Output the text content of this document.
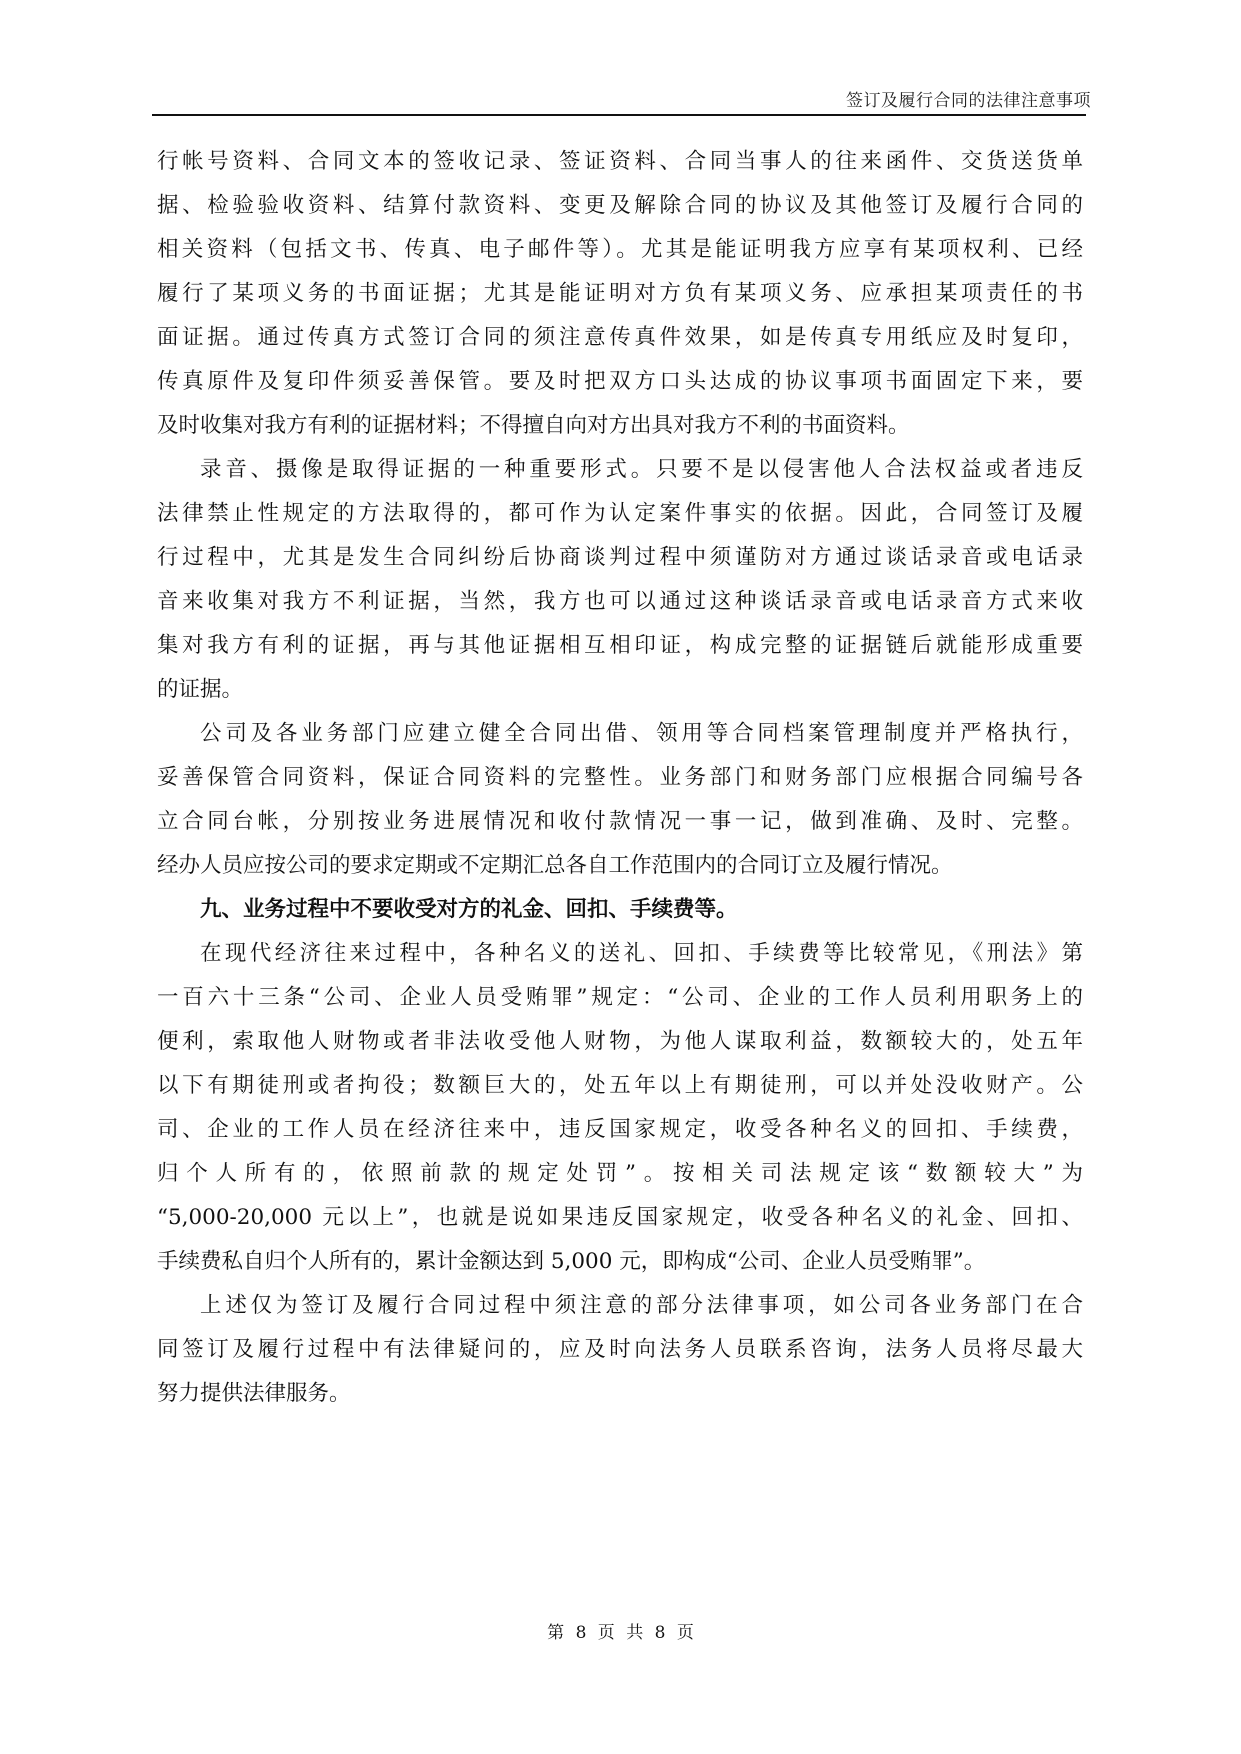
签订及履行合同的法律注意事项
行帐号资料、合同文本的签收记录、签证资料、合同当事人的往来函件、交货送货单
据、检验验收资料、结算付款资料、变更及解除合同的协议及其他签订及履行合同的
相关资料（包括文书、传真、电子邮件等）。尤其是能证明我方应享有某项权利、已经
履行了某项义务的书面证据；尤其是能证明对方负有某项义务、应承担某项责任的书
面证据。通过传真方式签订合同的须注意传真件效果，如是传真专用纸应及时复印，
传真原件及复印件须妥善保管。要及时把双方口头达成的协议事项书面固定下来，要
及时收集对我方有利的证据材料；不得擅自向对方出具对我方不利的书面资料。
录音、摄像是取得证据的一种重要形式。只要不是以侵害他人合法权益或者违反
法律禁止性规定的方法取得的，都可作为认定案件事实的依据。因此，合同签订及履
行过程中，尤其是发生合同纠纷后协商谈判过程中须谨防对方通过谈话录音或电话录
音来收集对我方不利证据，当然，我方也可以通过这种谈话录音或电话录音方式来收
集对我方有利的证据，再与其他证据相互相印证，构成完整的证据链后就能形成重要
的证据。
公司及各业务部门应建立健全合同出借、领用等合同档案管理制度并严格执行，
妥善保管合同资料，保证合同资料的完整性。业务部门和财务部门应根据合同编号各
立合同台帐，分别按业务进展情况和收付款情况一事一记，做到准确、及时、完整。
经办人员应按公司的要求定期或不定期汇总各自工作范围内的合同订立及履行情况。
九、业务过程中不要收受对方的礼金、回扣、手续费等。
在现代经济往来过程中，各种名义的送礼、回扣、手续费等比较常见，《刑法》第
一百六十三条“公司、企业人员受贿罪”规定：“公司、企业的工作人员利用职务上的
便利，索取他人财物或者非法收受他人财物，为他人谋取利益，数额较大的，处五年
以下有期徒刑或者拘役；数额巨大的，处五年以上有期徒刑，可以并处没收财产。公
司、企业的工作人员在经济往来中，违反国家规定，收受各种名义的回扣、手续费，
归个人所有的，依照前款的规定处罚”。按相关司法规定该“数额较大”为
“5,000-20,000 元以上”，也就是说如果违反国家规定，收受各种名义的礼金、回扣、
手续费私自归个人所有的，累计金额达到 5,000 元，即构成“公司、企业人员受贿罪”。
上述仅为签订及履行合同过程中须注意的部分法律事项，如公司各业务部门在合
同签订及履行过程中有法律疑问的，应及时向法务人员联系咨询，法务人员将尽最大
努力提供法律服务。
第 8 页 共 8 页
